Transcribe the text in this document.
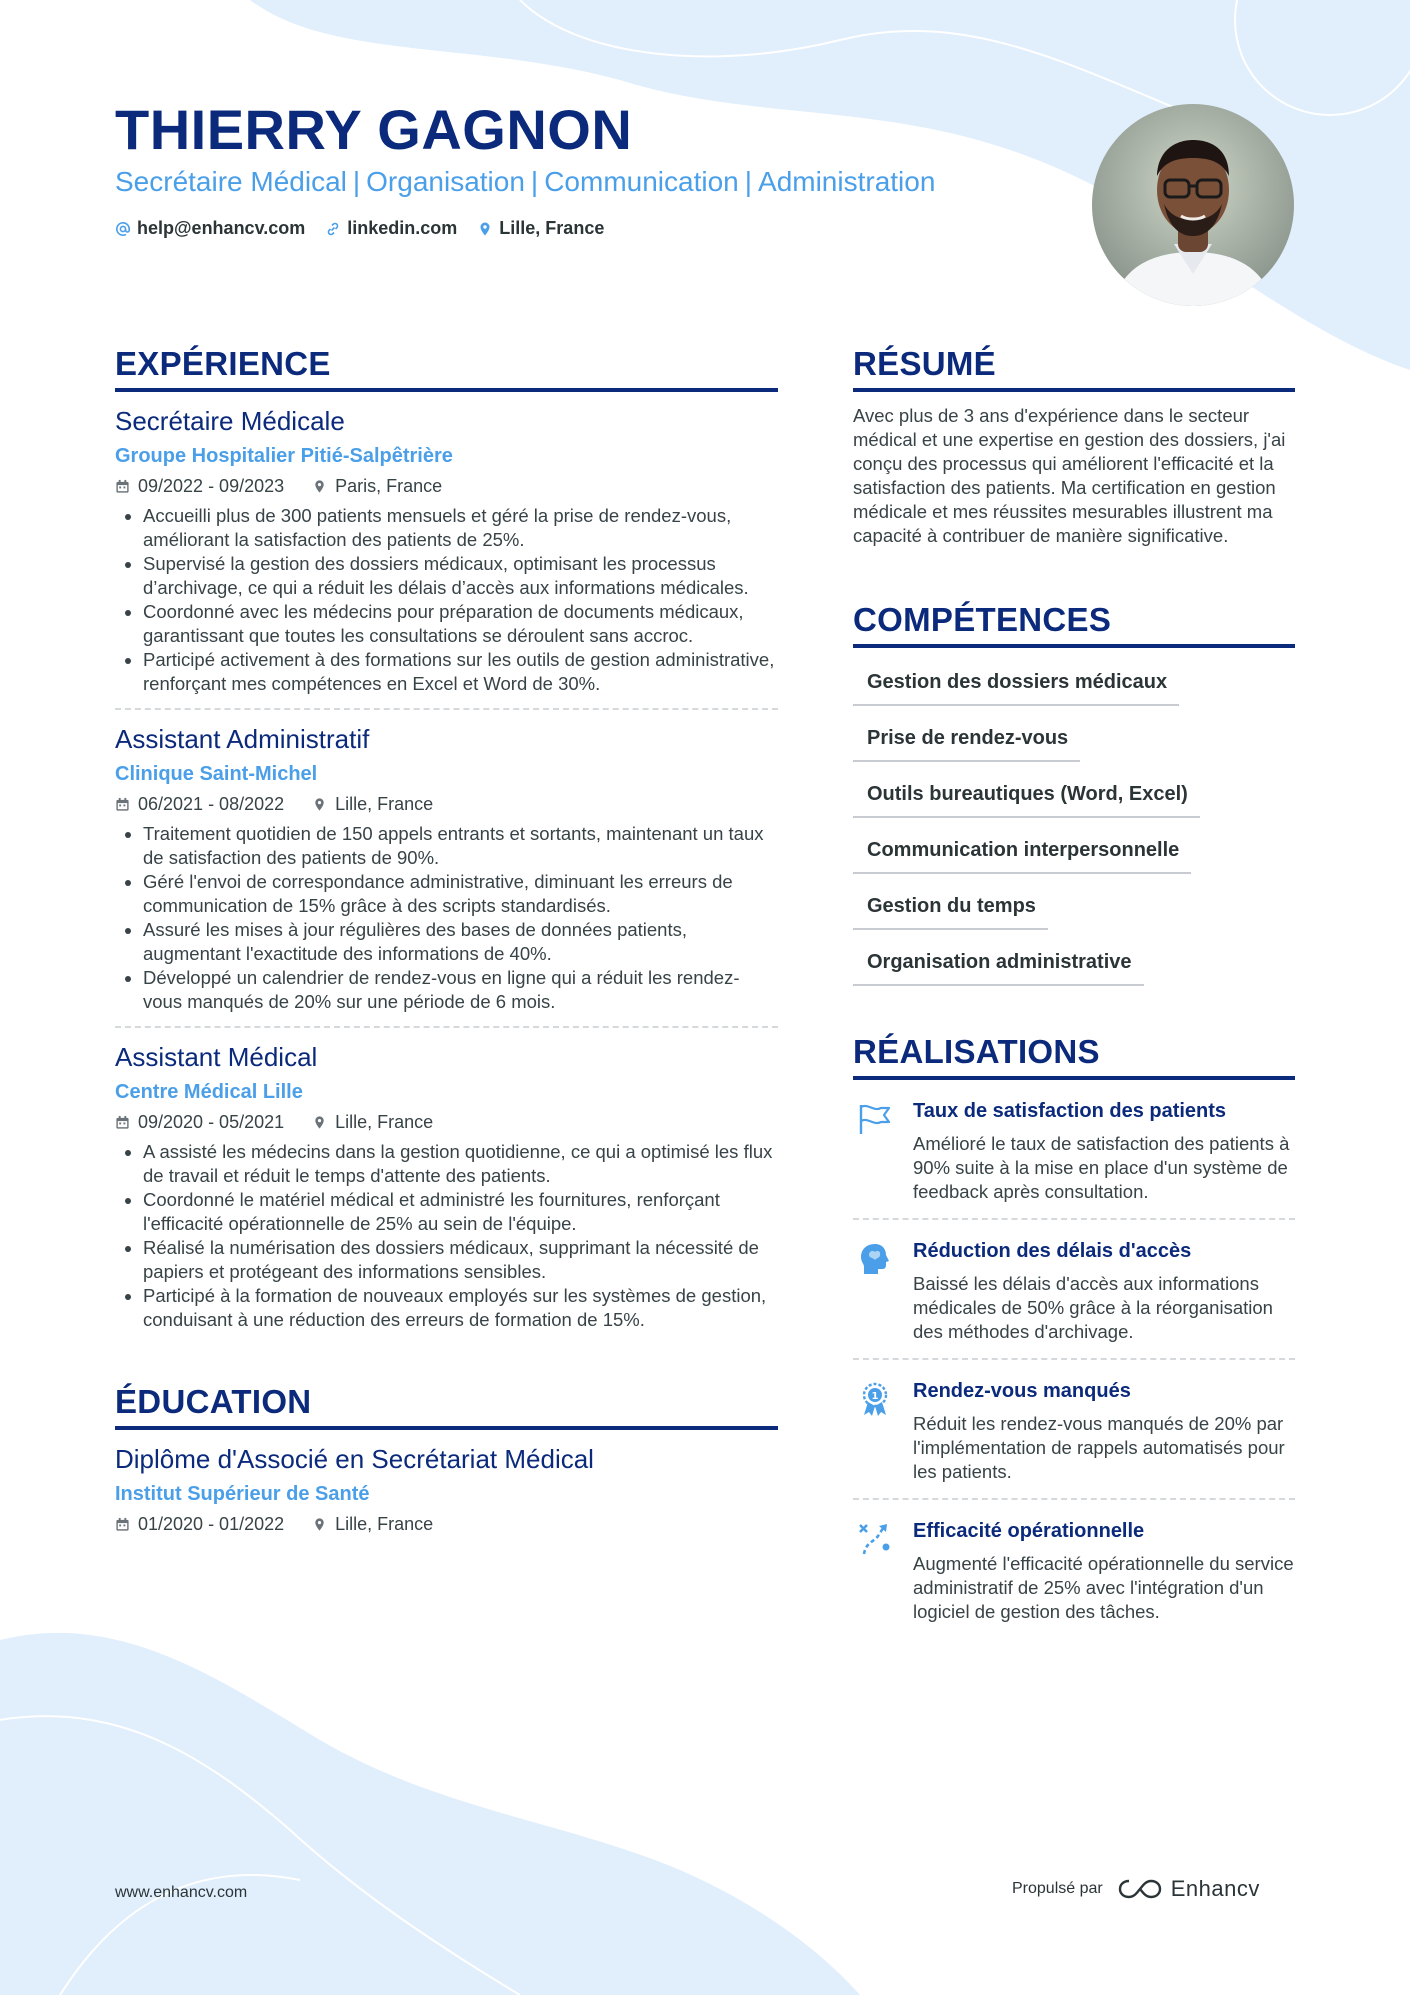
THIERRY GAGNON
Secrétaire Médical | Organisation | Communication | Administration
help@enhancv.com linkedin.com Lille, France
EXPÉRIENCE
Secrétaire Médicale
Groupe Hospitalier Pitié-Salpêtrière
09/2022 - 09/2023	Paris, France
• Accueilli plus de 300 patients mensuels et géré la prise de rendez-vous, améliorant la satisfaction des patients de 25%.
• Supervisé la gestion des dossiers médicaux, optimisant les processus d’archivage, ce qui a réduit les délais d’accès aux informations médicales.
• Coordonné avec les médecins pour préparation de documents médicaux, garantissant que toutes les consultations se déroulent sans accroc.
• Participé activement à des formations sur les outils de gestion administrative, renforçant mes compétences en Excel et Word de 30%.
Assistant Administratif
Clinique Saint-Michel
06/2021 - 08/2022	Lille, France
• Traitement quotidien de 150 appels entrants et sortants, maintenant un taux de satisfaction des patients de 90%.
• Géré l'envoi de correspondance administrative, diminuant les erreurs de communication de 15% grâce à des scripts standardisés.
• Assuré les mises à jour régulières des bases de données patients, augmentant l'exactitude des informations de 40%.
• Développé un calendrier de rendez-vous en ligne qui a réduit les rendez-vous manqués de 20% sur une période de 6 mois.
Assistant Médical
Centre Médical Lille
09/2020 - 05/2021	Lille, France
• A assisté les médecins dans la gestion quotidienne, ce qui a optimisé les flux de travail et réduit le temps d'attente des patients.
• Coordonné le matériel médical et administré les fournitures, renforçant l'efficacité opérationnelle de 25% au sein de l'équipe.
• Réalisé la numérisation des dossiers médicaux, supprimant la nécessité de papiers et protégeant des informations sensibles.
• Participé à la formation de nouveaux employés sur les systèmes de gestion, conduisant à une réduction des erreurs de formation de 15%.
ÉDUCATION
Diplôme d'Associé en Secrétariat Médical
Institut Supérieur de Santé
01/2020 - 01/2022	Lille, France
RÉSUMÉ
Avec plus de 3 ans d'expérience dans le secteur médical et une expertise en gestion des dossiers, j'ai conçu des processus qui améliorent l'efficacité et la satisfaction des patients. Ma certification en gestion médicale et mes réussites mesurables illustrent ma capacité à contribuer de manière significative.
COMPÉTENCES
Gestion des dossiers médicaux
Prise de rendez-vous
Outils bureautiques (Word, Excel)
Communication interpersonnelle
Gestion du temps
Organisation administrative
RÉALISATIONS
Taux de satisfaction des patients
Amélioré le taux de satisfaction des patients à 90% suite à la mise en place d'un système de feedback après consultation.
Réduction des délais d'accès
Baissé les délais d'accès aux informations médicales de 50% grâce à la réorganisation des méthodes d'archivage.
1 Rendez-vous manqués
Réduit les rendez-vous manqués de 20% par l'implémentation de rappels automatisés pour les patients.
Efficacité opérationnelle
Augmenté l'efficacité opérationnelle du service administratif de 25% avec l'intégration d'un logiciel de gestion des tâches.
www.enhancv.com	Propulsé par	Enhancv
